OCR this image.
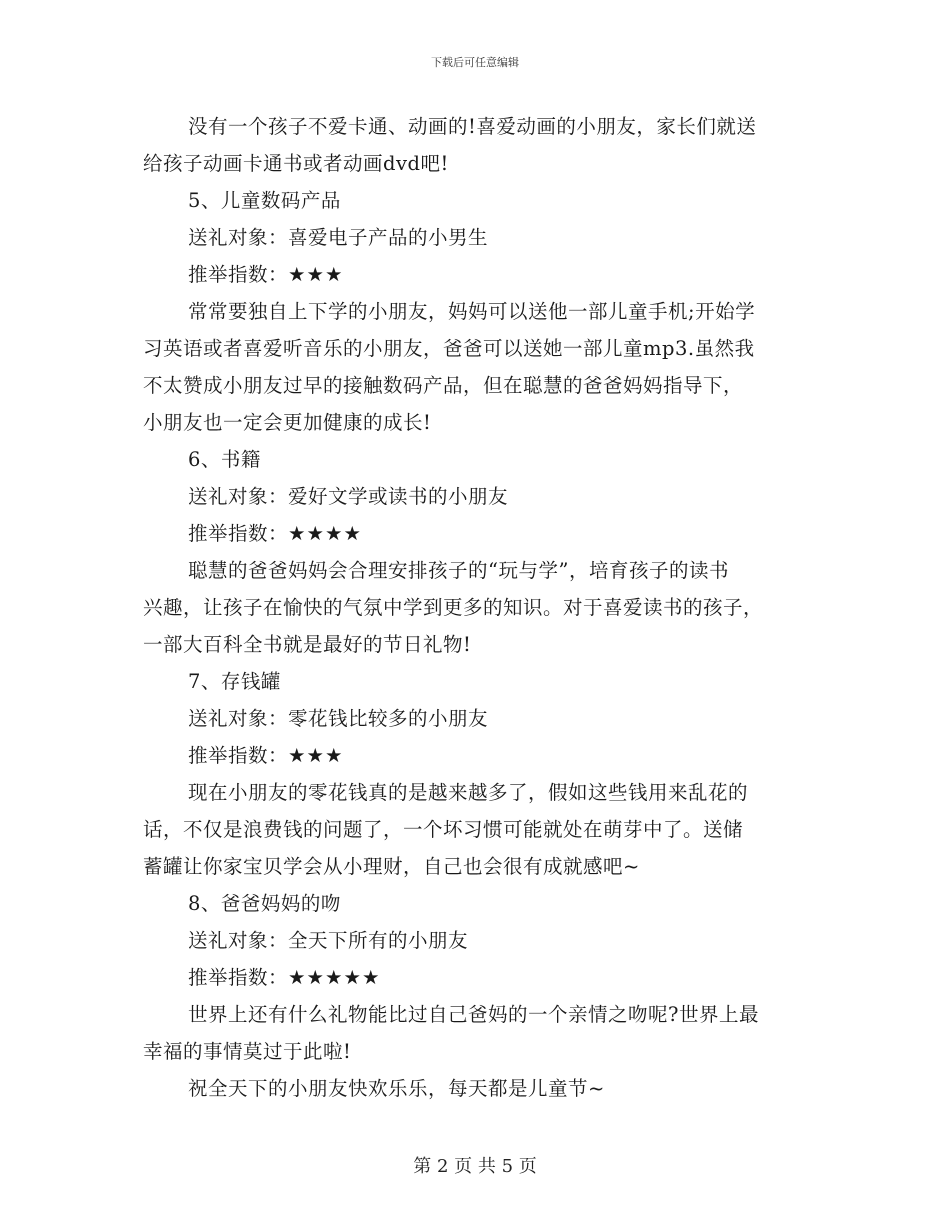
下载后可任意编辑
没有一个孩子不爱卡通、动画的!喜爱动画的小朋友，家长们就送
给孩子动画卡通书或者动画dvd吧!
5、儿童数码产品
送礼对象：喜爱电子产品的小男生
推举指数：★★★
常常要独自上下学的小朋友，妈妈可以送他一部儿童手机;开始学
习英语或者喜爱听音乐的小朋友，爸爸可以送她一部儿童mp3.虽然我
不太赞成小朋友过早的接触数码产品，但在聪慧的爸爸妈妈指导下，
小朋友也一定会更加健康的成长!
6、书籍
送礼对象：爱好文学或读书的小朋友
推举指数：★★★★
聪慧的爸爸妈妈会合理安排孩子的“玩与学”，培育孩子的读书
兴趣，让孩子在愉快的气氛中学到更多的知识。对于喜爱读书的孩子，
一部大百科全书就是最好的节日礼物!
7、存钱罐
送礼对象：零花钱比较多的小朋友
推举指数：★★★
现在小朋友的零花钱真的是越来越多了，假如这些钱用来乱花的
话，不仅是浪费钱的问题了，一个坏习惯可能就处在萌芽中了。送储
蓄罐让你家宝贝学会从小理财，自己也会很有成就感吧~
8、爸爸妈妈的吻
送礼对象：全天下所有的小朋友
推举指数：★★★★★
世界上还有什么礼物能比过自己爸妈的一个亲情之吻呢?世界上最
幸福的事情莫过于此啦!
祝全天下的小朋友快欢乐乐，每天都是儿童节~
第 2 页 共 5 页
